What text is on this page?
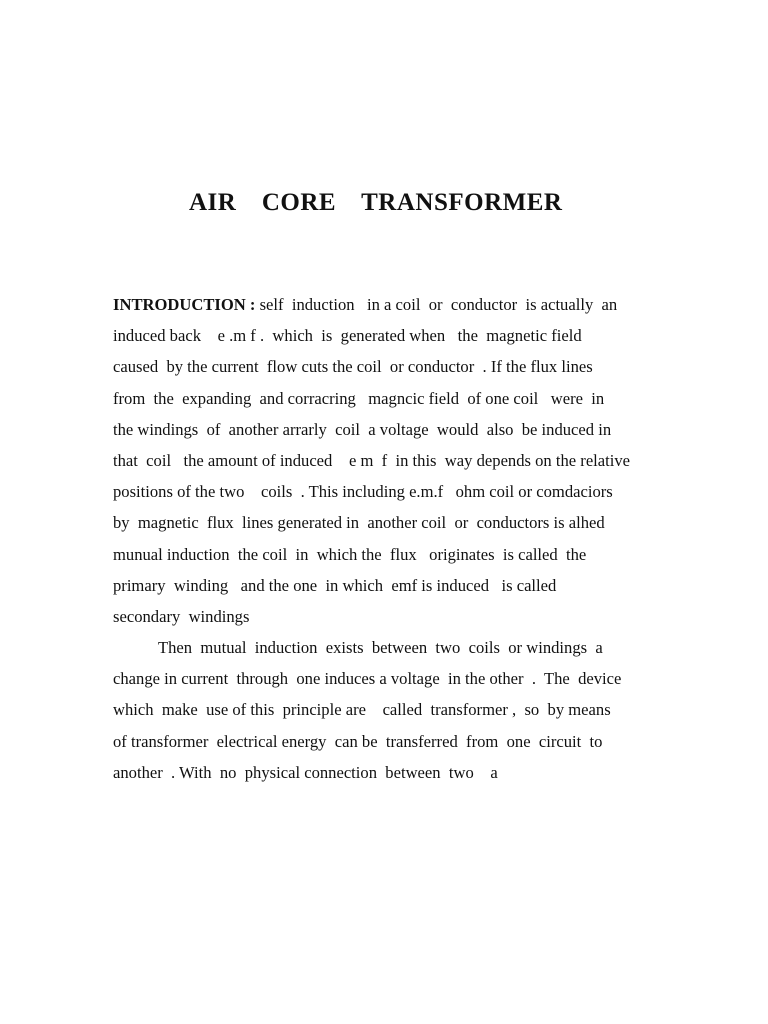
AIR  CORE  TRANSFORMER
INTRODUCTION : self  induction   in a coil  or  conductor  is actually  an
induced back    e .m f .  which  is  generated when   the  magnetic field
caused  by the current  flow cuts the coil  or conductor  . If the flux lines
from  the  expanding  and corracring   magncic field  of one coil   were  in
the windings  of  another arrarly  coil  a voltage  would  also  be induced in
that  coil   the amount of induced    e m  f  in this  way depends on the relative
positions of the two    coils  . This including e.m.f   ohm coil or comdaciors
by  magnetic  flux  lines generated in  another coil  or  conductors is alhed
munual induction  the coil  in  which the  flux   originates  is called  the
primary  winding   and the one  in which  emf is induced   is called
secondary  windings
Then  mutual  induction  exists  between  two  coils  or windings  a
change in current  through  one induces a voltage  in the other  .  The  device
which  make  use of this  principle are    called  transformer ,  so  by means
of transformer  electrical energy  can be  transferred  from  one  circuit  to
another  . With  no  physical connection  between  two    a
